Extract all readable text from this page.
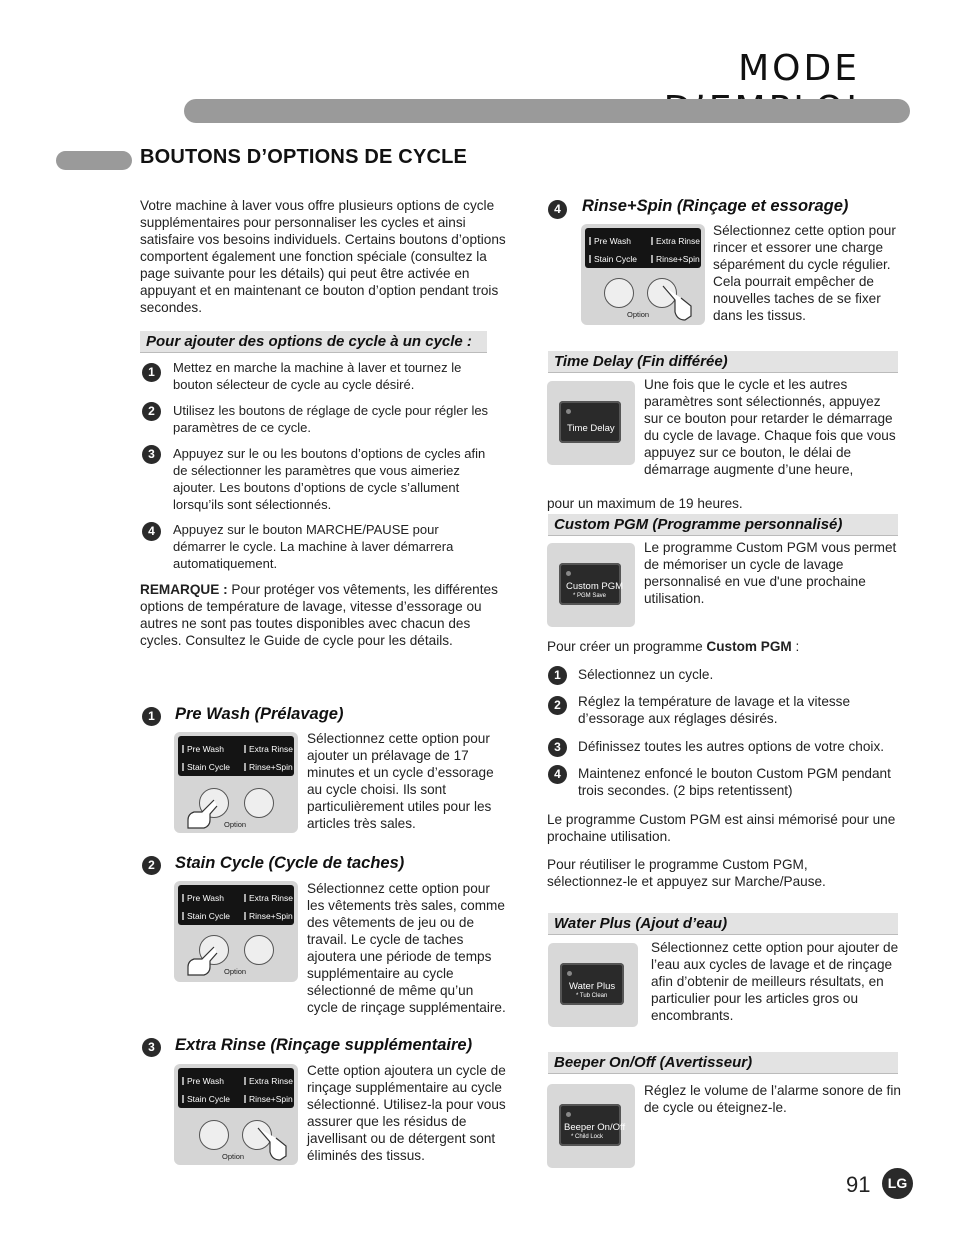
MODE
BOUTONS D’OPTIONS DE CYCLE
Votre machine à laver vous offre plusieurs options de cycle supplémentaires pour personnaliser les cycles et ainsi satisfaire vos besoins individuels. Certains boutons d’options comportent également une fonction spéciale (consultez la page suivante pour les détails) qui peut être activée en appuyant et en maintenant ce bouton d’option pendant trois secondes.
Pour ajouter des options de cycle à un cycle :
1	Mettez en marche la machine à laver et tournez le bouton sélecteur de cycle au cycle désiré.
2	Utilisez les boutons de réglage de cycle pour régler les paramètres de ce cycle.
3	Appuyez sur le ou les boutons d’options de cycles afin de sélectionner les paramètres que vous aimeriez ajouter. Les boutons d’options de cycle s’allument lorsqu’ils sont sélectionnés.
4	Appuyez sur le bouton MARCHE/PAUSE pour démarrer le cycle. La machine à laver démarrera automatiquement.
REMARQUE : Pour protéger vos vêtements, les différentes options de température de lavage, vitesse d’essorage ou autres ne sont pas toutes disponibles avec chacun des cycles. Consultez le Guide de cycle pour les détails.
1	Pre Wash (Prélavage)
Pre Wash	Extra Rinse
Stain Cycle	Rinse+Spin
Option
Sélectionnez cette option pour ajouter un prélavage de 17 minutes et un cycle d’essorage au cycle choisi. Ils sont particulièrement utiles pour les articles très sales.
2	Stain Cycle (Cycle de taches)
Pre Wash	Extra Rinse
Stain Cycle	Rinse+Spin
Option
Sélectionnez cette option pour les vêtements très sales, comme des vêtements de jeu ou de travail. Le cycle de taches ajoutera une période de temps supplémentaire au cycle sélectionné de même qu’un cycle de rinçage supplémentaire.
3	Extra Rinse (Rinçage supplémentaire)
Pre Wash	Extra Rinse
Stain Cycle	Rinse+Spin
Option
Cette option ajoutera un cycle de rinçage supplémentaire au cycle sélectionné. Utilisez-la pour vous assurer que les résidus de javellisant ou de détergent sont éliminés des tissus.
4	Rinse+Spin (Rinçage et essorage)
Pre Wash	Extra Rinse
Stain Cycle	Rinse+Spin
Option
Sélectionnez cette option pour rincer et essorer une charge séparément du cycle régulier. Cela pourrait empêcher de nouvelles taches de se fixer dans les tissus.
Time Delay (Fin différée)
Time Delay
Une fois que le cycle et les autres paramètres sont sélectionnés, appuyez sur ce bouton pour retarder le démarrage du cycle de lavage. Chaque fois que vous appuyez sur ce bouton, le délai de démarrage augmente d’une heure,
pour un maximum de 19 heures.
Custom PGM (Programme personnalisé)
Custom PGM
* PGM Save
Le programme Custom PGM vous permet de mémoriser un cycle de lavage personnalisé en vue d'une prochaine utilisation.
Pour créer un programme Custom PGM :
1	Sélectionnez un cycle.
2	Réglez la température de lavage et la vitesse d’essorage aux réglages désirés.
3	Définissez toutes les autres options de votre choix.
4	Maintenez enfoncé le bouton Custom PGM pendant trois secondes. (2 bips retentissent)
Le programme Custom PGM est ainsi mémorisé pour une prochaine utilisation.
Pour réutiliser le programme Custom PGM, sélectionnez-le et appuyez sur Marche/Pause.
Water Plus (Ajout d’eau)
Water Plus
* Tub Clean
Sélectionnez cette option pour ajouter de l’eau aux cycles de lavage et de rinçage afin d’obtenir de meilleurs résultats, en particulier pour les articles gros ou encombrants.
Beeper On/Off (Avertisseur)
Beeper On/Off
* Child Lock
Réglez le volume de l’alarme sonore de fin de cycle ou éteignez-le.
91	LG
